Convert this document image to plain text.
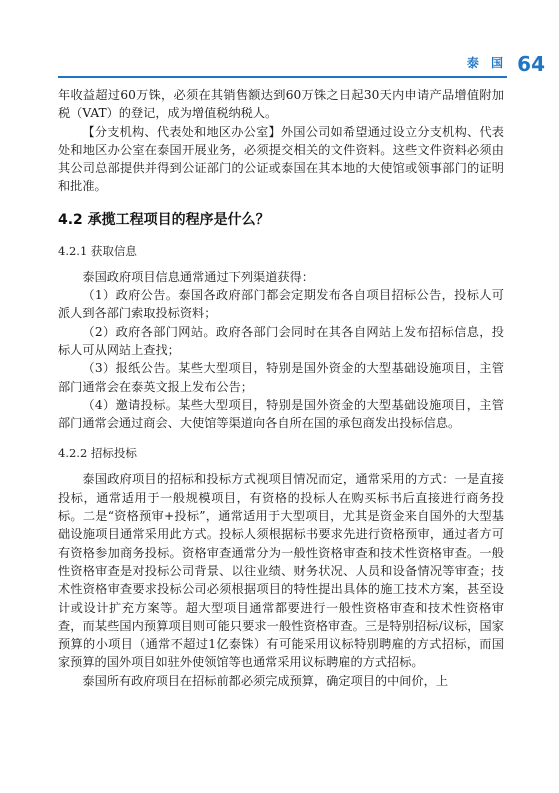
泰 国 64

年收益超过60万铢，必须在其销售额达到60万铢之日起30天内申请产品增值附加税（VAT）的登记，成为增值税纳税人。

【分支机构、代表处和地区办公室】外国公司如希望通过设立分支机构、代表处和地区办公室在泰国开展业务，必须提交相关的文件资料。这些文件资料必须由其公司总部提供并得到公证部门的公证或泰国在其本地的大使馆或领事部门的证明和批准。

4.2 承揽工程项目的程序是什么？
4.2.1 获取信息

泰国政府项目信息通常通过下列渠道获得：

（1）政府公告。泰国各政府部门都会定期发布各自项目招标公告，投标人可派人到各部门索取投标资料；

（2）政府各部门网站。政府各部门会同时在其各自网站上发布招标信息，投标人可从网站上查找；

（3）报纸公告。某些大型项目，特别是国外资金的大型基础设施项目，主管部门通常会在泰英文报上发布公告；

（4）邀请投标。某些大型项目，特别是国外资金的大型基础设施项目，主管部门通常会通过商会、大使馆等渠道向各自所在国的承包商发出投标信息。

4.2.2 招标投标

泰国政府项目的招标和投标方式视项目情况而定，通常采用的方式：一是直接投标，通常适用于一般规模项目，有资格的投标人在购买标书后直接进行商务投标。二是“资格预审+投标”，通常适用于大型项目，尤其是资金来自国外的大型基础设施项目通常采用此方式。投标人须根据标书要求先进行资格预审，通过者方可有资格参加商务投标。资格审查通常分为一般性资格审查和技术性资格审查。一般性资格审查是对投标公司背景、以往业绩、财务状况、人员和设备情况等审查；技术性资格审查要求投标公司必须根据项目的特性提出具体的施工技术方案，甚至设计或设计扩充方案等。超大型项目通常都要进行一般性资格审查和技术性资格审查，而某些国内预算项目则可能只要求一般性资格审查。三是特别招标/议标，国家预算的小项目（通常不超过1亿泰铢）有可能采用议标特别聘雇的方式招标，而国家预算的国外项目如驻外使领馆等也通常采用议标聘雇的方式招标。

泰国所有政府项目在招标前都必须完成预算，确定项目的中间价，上
